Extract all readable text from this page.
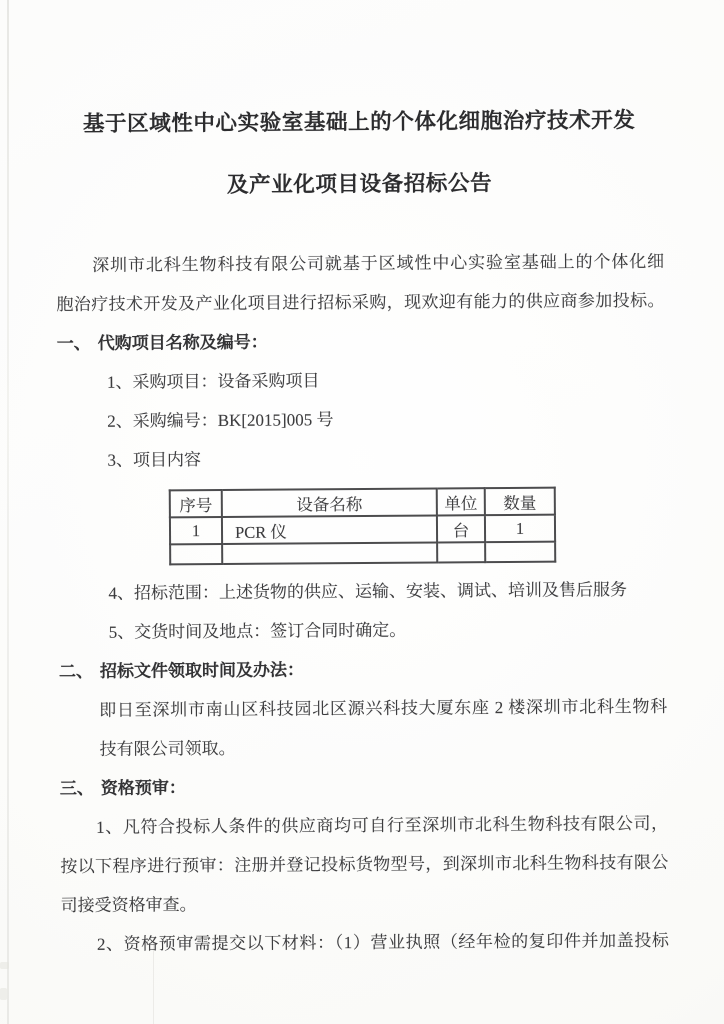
基于区域性中心实验室基础上的个体化细胞治疗技术开发
及产业化项目设备招标公告
深圳市北科生物科技有限公司就基于区域性中心实验室基础上的个体化细
胞治疗技术开发及产业化项目进行招标采购，现欢迎有能力的供应商参加投标。
一、 代购项目名称及编号：
1、采购项目：设备采购项目
2、采购编号：BK[2015]005 号
3、项目内容
序号	设备名称	单位	数量
1	PCR 仪	台	1

4、招标范围：上述货物的供应、运输、安装、调试、培训及售后服务
5、交货时间及地点：签订合同时确定。
二、 招标文件领取时间及办法：
即日至深圳市南山区科技园北区源兴科技大厦东座 2 楼深圳市北科生物科
技有限公司领取。
三、 资格预审：
1、凡符合投标人条件的供应商均可自行至深圳市北科生物科技有限公司，
按以下程序进行预审：注册并登记投标货物型号，到深圳市北科生物科技有限公
司接受资格审查。
2、资格预审需提交以下材料：（1）营业执照（经年检的复印件并加盖投标
